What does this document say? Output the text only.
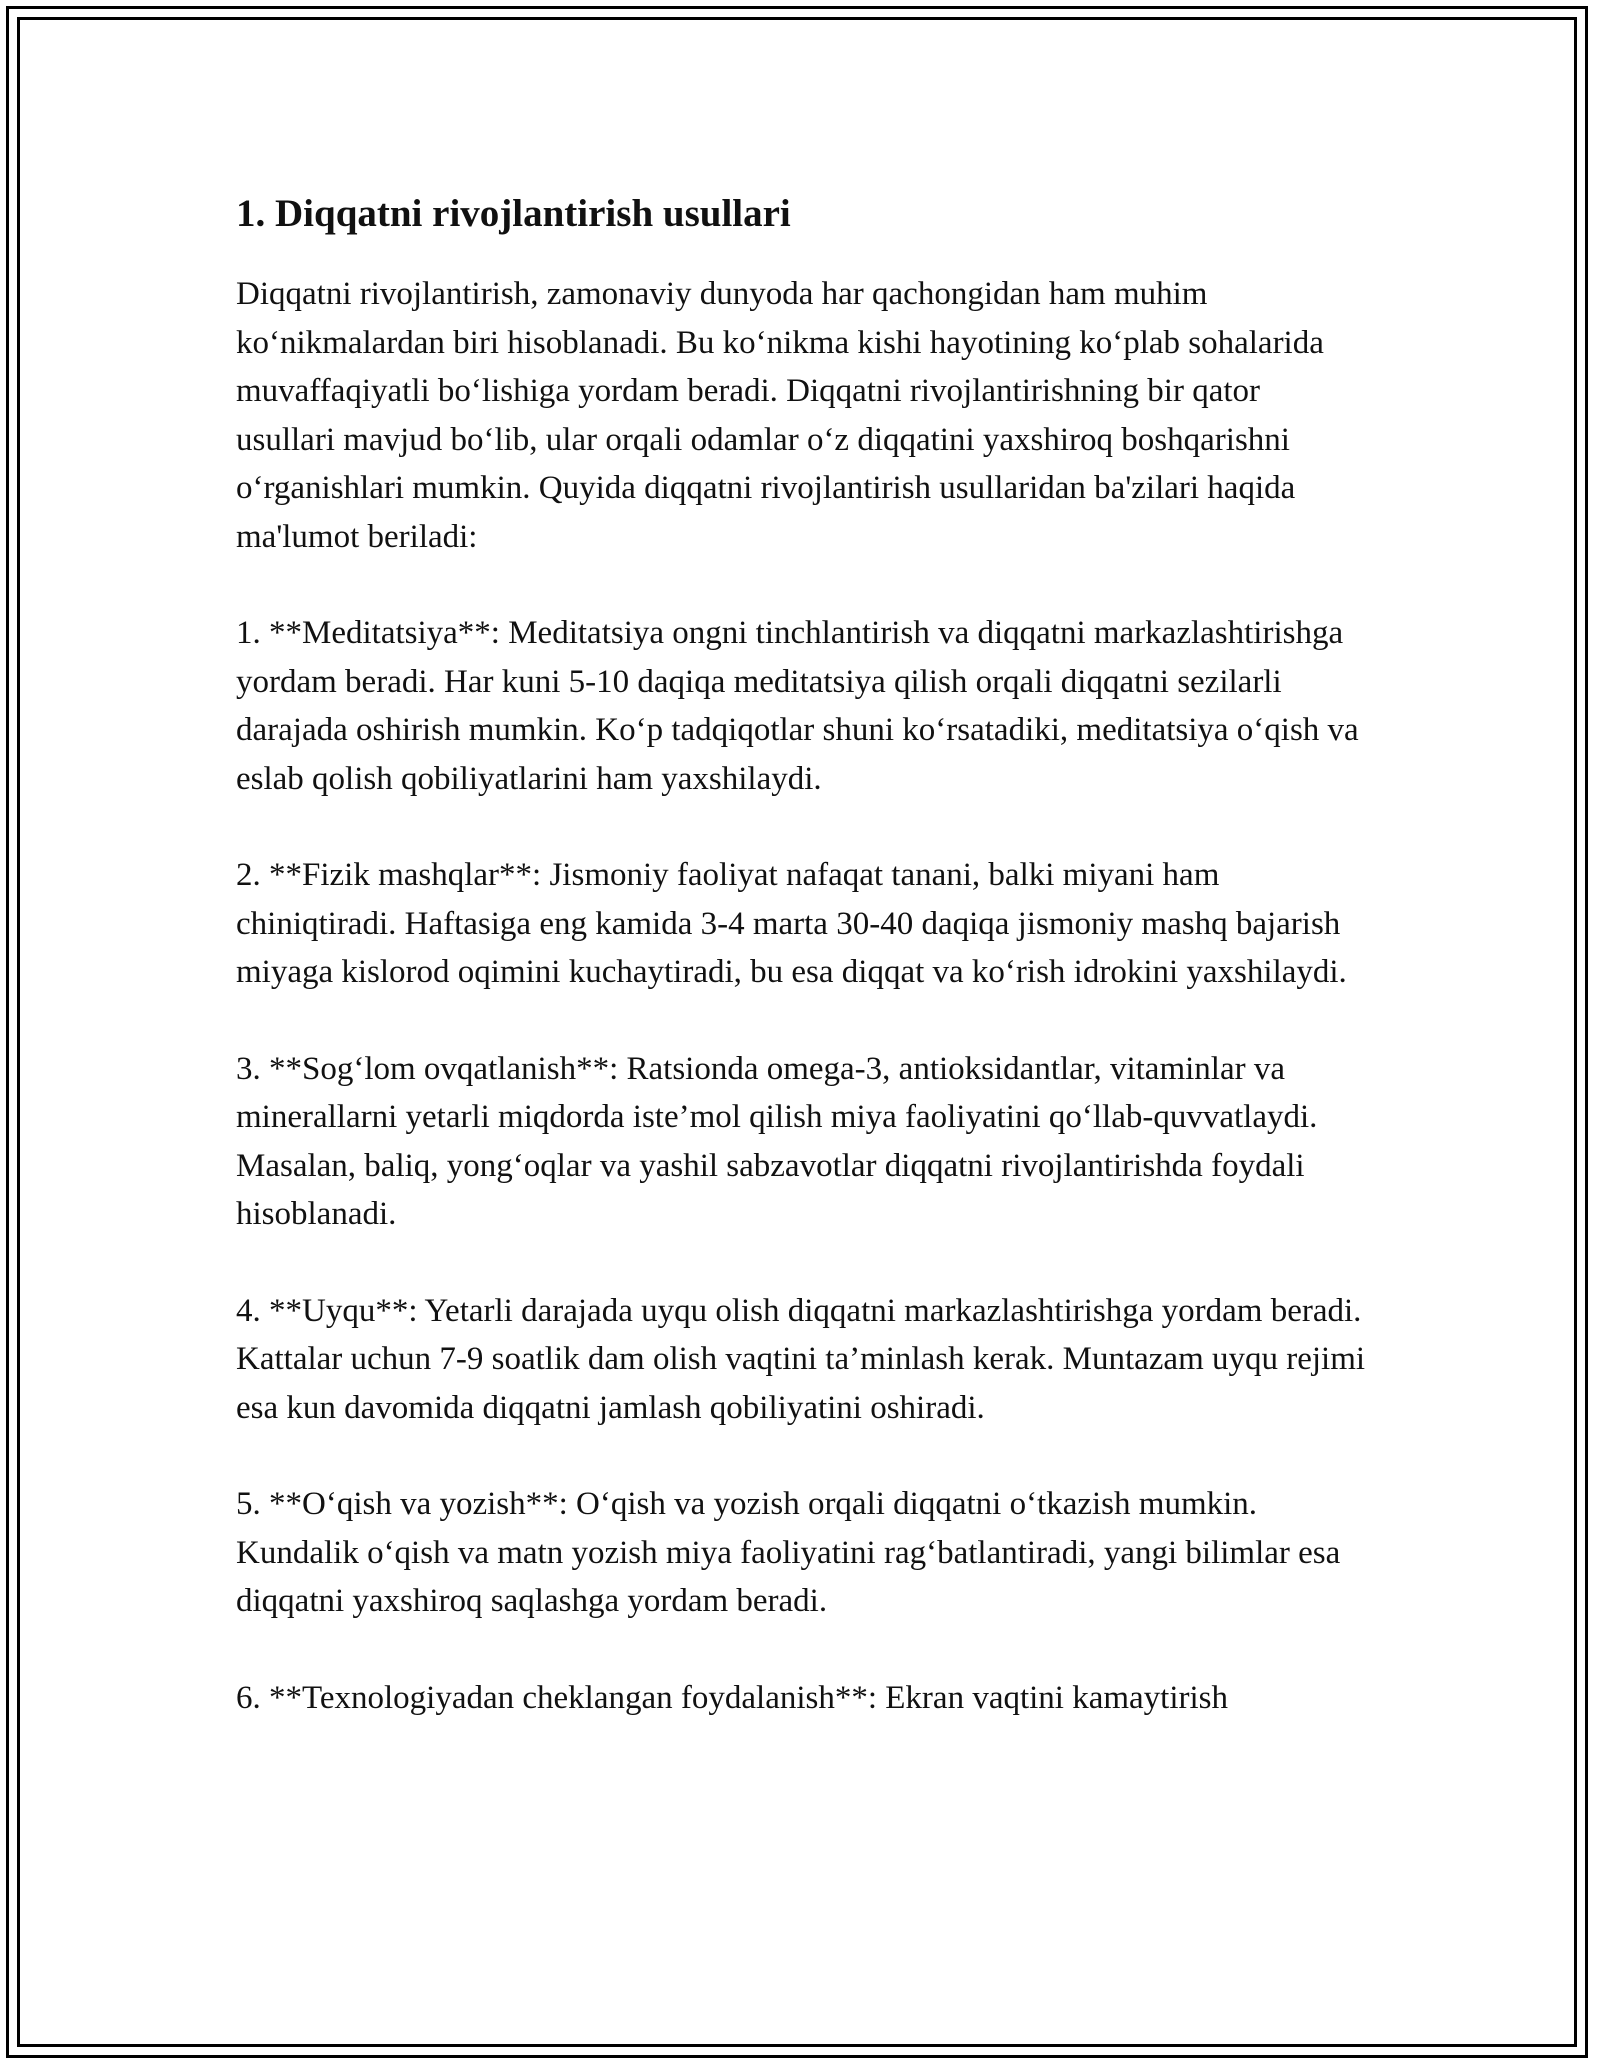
1. Diqqatni rivojlantirish usullari

Diqqatni rivojlantirish, zamonaviy dunyoda har qachongidan ham muhim ko‘nikmalardan biri hisoblanadi. Bu ko‘nikma kishi hayotining ko‘plab sohalarida muvaffaqiyatli bo‘lishiga yordam beradi. Diqqatni rivojlantirishning bir qator usullari mavjud bo‘lib, ular orqali odamlar o‘z diqqatini yaxshiroq boshqarishni o‘rganishlari mumkin. Quyida diqqatni rivojlantirish usullaridan ba'zilari haqida ma'lumot beriladi:

1. **Meditatsiya**: Meditatsiya ongni tinchlantirish va diqqatni markazlashtirishga yordam beradi. Har kuni 5-10 daqiqa meditatsiya qilish orqali diqqatni sezilarli darajada oshirish mumkin. Ko‘p tadqiqotlar shuni ko‘rsatadiki, meditatsiya o‘qish va eslab qolish qobiliyatlarini ham yaxshilaydi.

2. **Fizik mashqlar**: Jismoniy faoliyat nafaqat tanani, balki miyani ham chiniqtiradi. Haftasiga eng kamida 3-4 marta 30-40 daqiqa jismoniy mashq bajarish miyaga kislorod oqimini kuchaytiradi, bu esa diqqat va ko‘rish idrokini yaxshilaydi.

3. **Sog‘lom ovqatlanish**: Ratsionda omega-3, antioksidantlar, vitaminlar va minerallarni yetarli miqdorda iste’mol qilish miya faoliyatini qo‘llab-quvvatlaydi. Masalan, baliq, yong‘oqlar va yashil sabzavotlar diqqatni rivojlantirishda foydali hisoblanadi.

4. **Uyqu**: Yetarli darajada uyqu olish diqqatni markazlashtirishga yordam beradi. Kattalar uchun 7-9 soatlik dam olish vaqtini ta’minlash kerak. Muntazam uyqu rejimi esa kun davomida diqqatni jamlash qobiliyatini oshiradi.

5. **O‘qish va yozish**: O‘qish va yozish orqali diqqatni o‘tkazish mumkin. Kundalik o‘qish va matn yozish miya faoliyatini rag‘batlantiradi, yangi bilimlar esa diqqatni yaxshiroq saqlashga yordam beradi.

6. **Texnologiyadan cheklangan foydalanish**: Ekran vaqtini kamaytirish
